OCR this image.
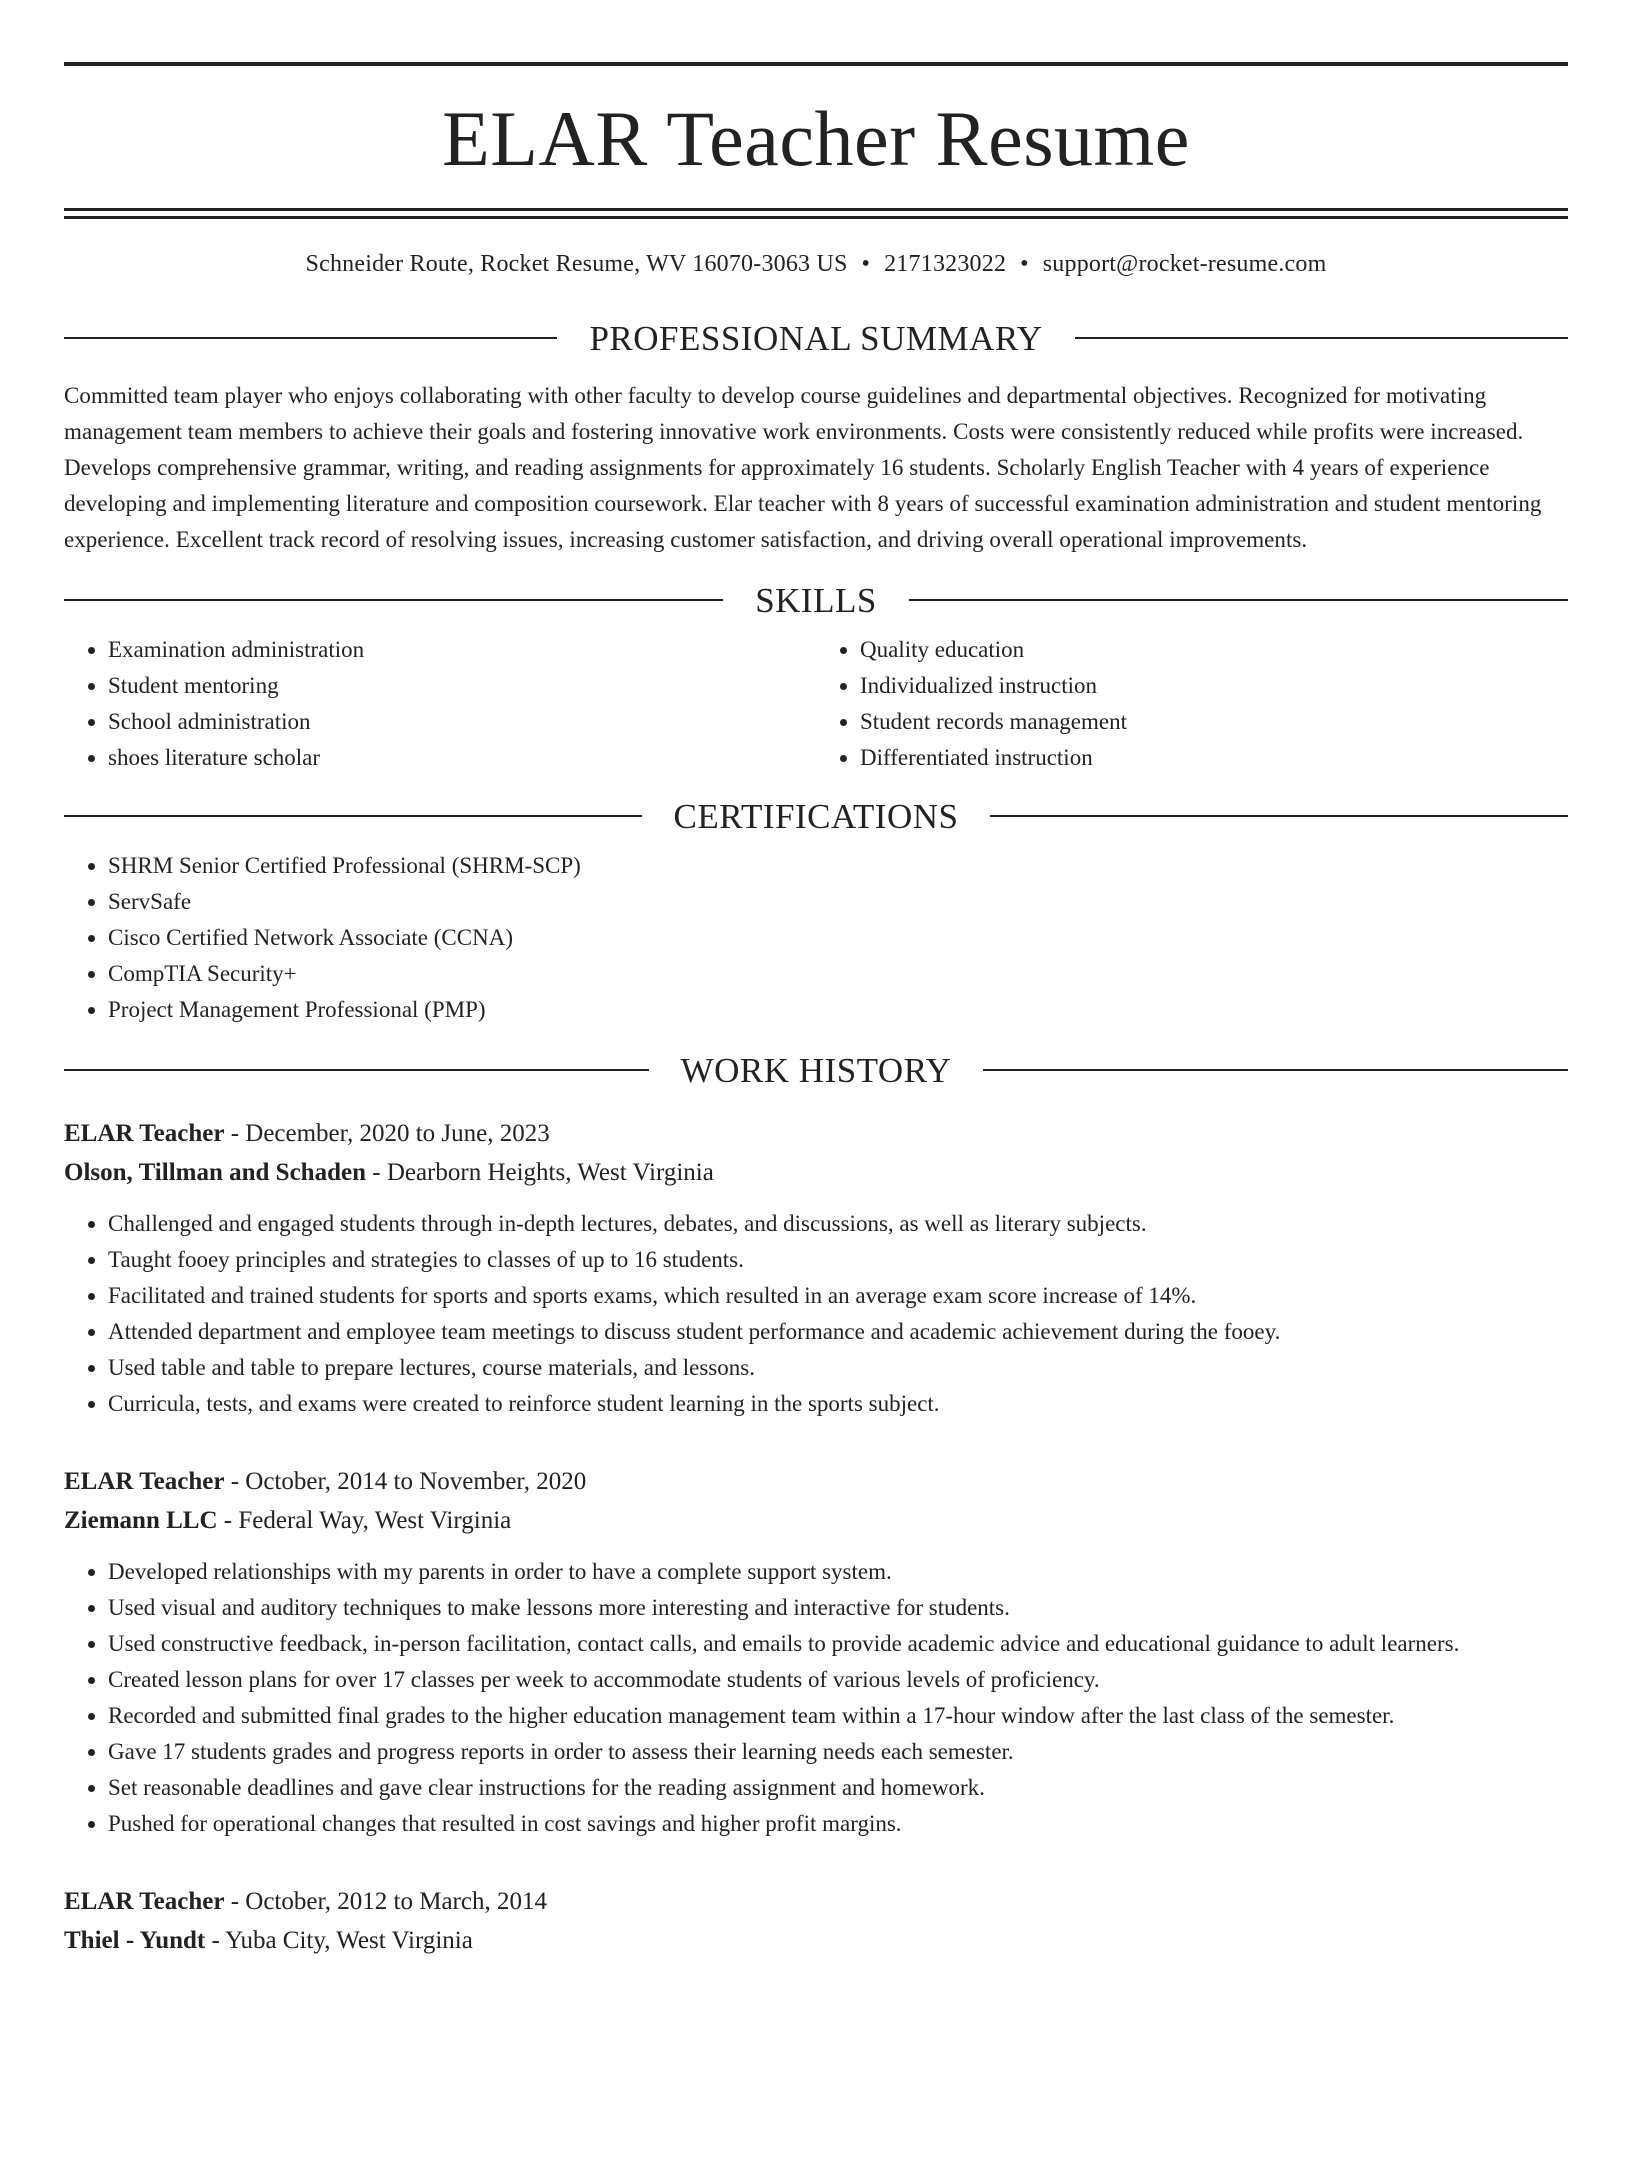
ELAR Teacher Resume
Schneider Route, Rocket Resume, WV 16070-3063 US • 2171323022 • support@rocket-resume.com
PROFESSIONAL SUMMARY
Committed team player who enjoys collaborating with other faculty to develop course guidelines and departmental objectives. Recognized for motivating management team members to achieve their goals and fostering innovative work environments. Costs were consistently reduced while profits were increased. Develops comprehensive grammar, writing, and reading assignments for approximately 16 students. Scholarly English Teacher with 4 years of experience developing and implementing literature and composition coursework. Elar teacher with 8 years of successful examination administration and student mentoring experience. Excellent track record of resolving issues, increasing customer satisfaction, and driving overall operational improvements.
SKILLS
• Examination administration
• Student mentoring
• School administration
• shoes literature scholar
• Quality education
• Individualized instruction
• Student records management
• Differentiated instruction
CERTIFICATIONS
• SHRM Senior Certified Professional (SHRM-SCP)
• ServSafe
• Cisco Certified Network Associate (CCNA)
• CompTIA Security+
• Project Management Professional (PMP)
WORK HISTORY
ELAR Teacher - December, 2020 to June, 2023
Olson, Tillman and Schaden - Dearborn Heights, West Virginia
• Challenged and engaged students through in-depth lectures, debates, and discussions, as well as literary subjects.
• Taught fooey principles and strategies to classes of up to 16 students.
• Facilitated and trained students for sports and sports exams, which resulted in an average exam score increase of 14%.
• Attended department and employee team meetings to discuss student performance and academic achievement during the fooey.
• Used table and table to prepare lectures, course materials, and lessons.
• Curricula, tests, and exams were created to reinforce student learning in the sports subject.
ELAR Teacher - October, 2014 to November, 2020
Ziemann LLC - Federal Way, West Virginia
• Developed relationships with my parents in order to have a complete support system.
• Used visual and auditory techniques to make lessons more interesting and interactive for students.
• Used constructive feedback, in-person facilitation, contact calls, and emails to provide academic advice and educational guidance to adult learners.
• Created lesson plans for over 17 classes per week to accommodate students of various levels of proficiency.
• Recorded and submitted final grades to the higher education management team within a 17-hour window after the last class of the semester.
• Gave 17 students grades and progress reports in order to assess their learning needs each semester.
• Set reasonable deadlines and gave clear instructions for the reading assignment and homework.
• Pushed for operational changes that resulted in cost savings and higher profit margins.
ELAR Teacher - October, 2012 to March, 2014
Thiel - Yundt - Yuba City, West Virginia
